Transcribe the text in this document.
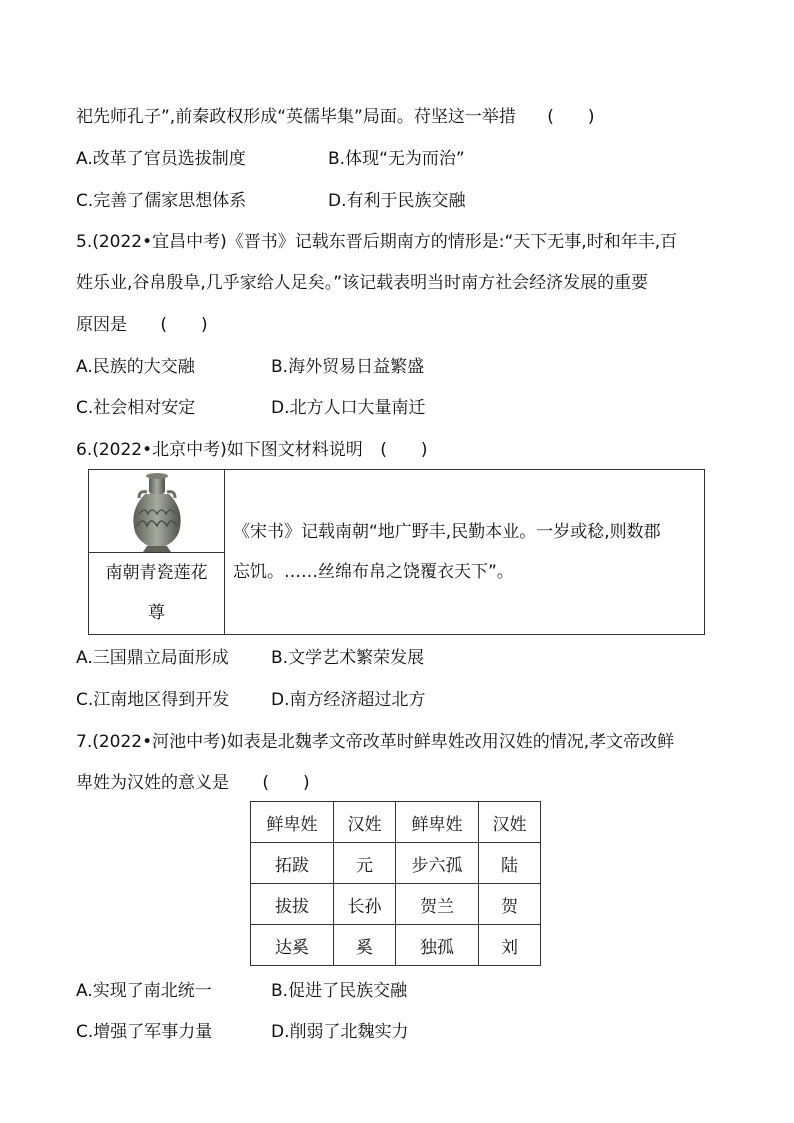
祀先师孔子”,前秦政权形成“英儒毕集”局面。苻坚这一举措 (　　)
A.改革了官员选拔制度	B.体现“无为而治”
C.完善了儒家思想体系	D.有利于民族交融
5.(2022•宜昌中考)《晋书》记载东晋后期南方的情形是:“天下无事,时和年丰,百
姓乐业,谷帛殷阜,几乎家给人足矣。”该记载表明当时南方社会经济发展的重要
原因是 (　　)
A.民族的大交融	B.海外贸易日益繁盛
C.社会相对安定	D.北方人口大量南迁
6.(2022•北京中考)如下图文材料说明 (　　)
南朝青瓷莲花
尊
《宋书》记载南朝“地广野丰,民勤本业。一岁或稔,则数郡
忘饥。……丝绵布帛之饶覆衣天下”。
A.三国鼎立局面形成 B.文学艺术繁荣发展
C.江南地区得到开发 D.南方经济超过北方
7.(2022•河池中考)如表是北魏孝文帝改革时鲜卑姓改用汉姓的情况,孝文帝改鲜
卑姓为汉姓的意义是 (　　)
鲜卑姓	汉姓	鲜卑姓	汉姓
拓跋	元	步六孤	陆
拔拔	长孙	贺兰	贺
达奚	奚	独孤	刘
A.实现了南北统一	B.促进了民族交融
C.增强了军事力量	D.削弱了北魏实力
